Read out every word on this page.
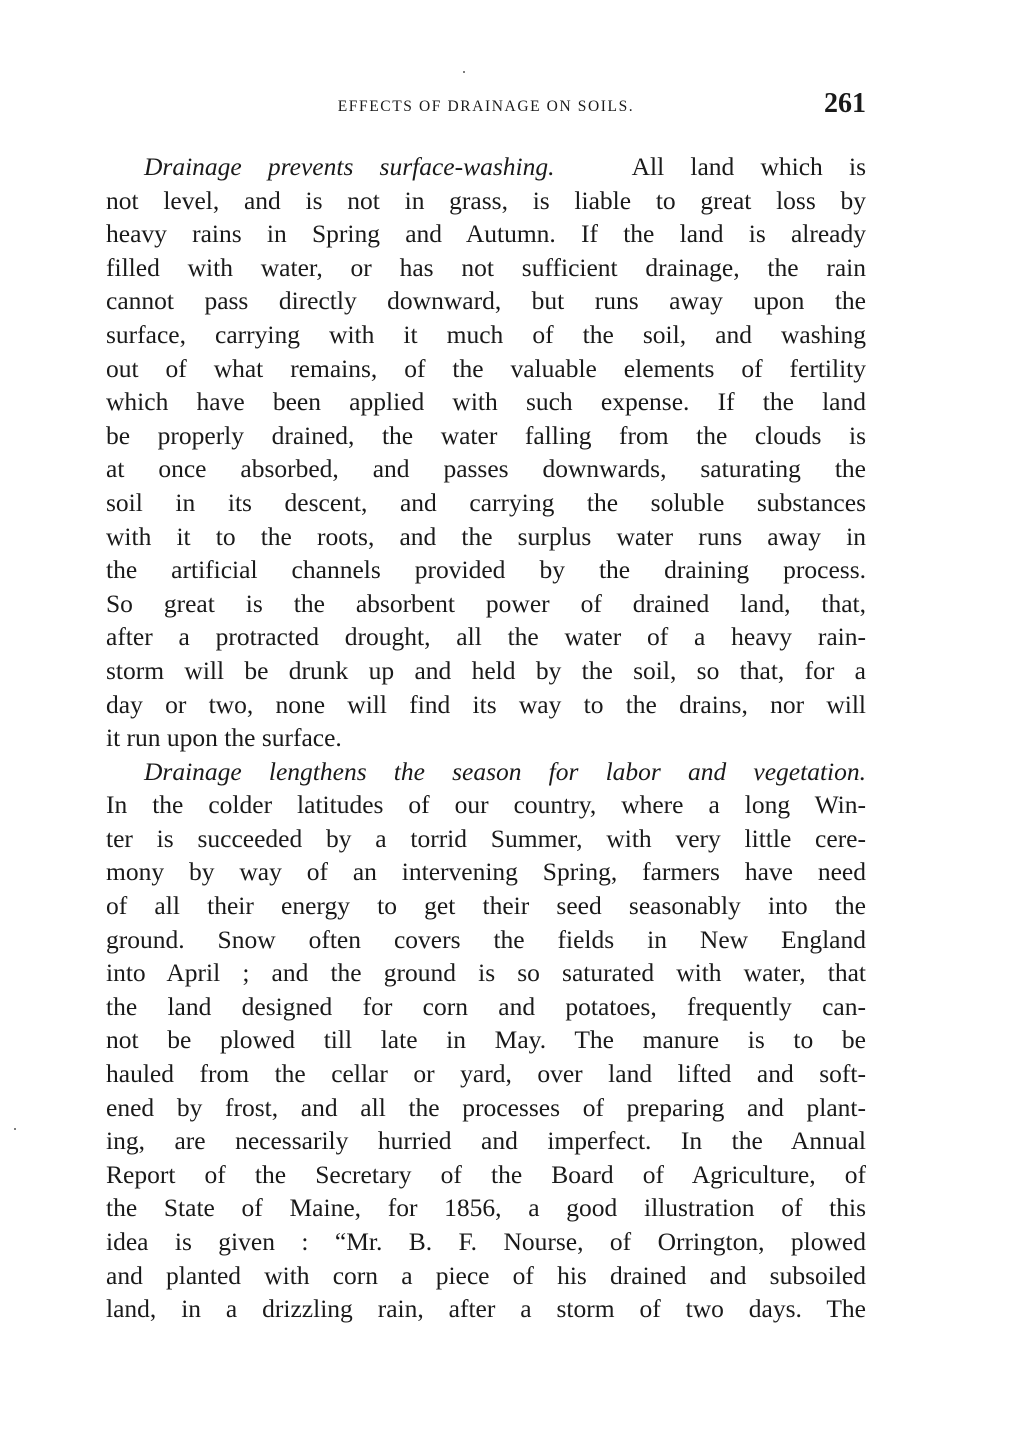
EFFECTS OF DRAINAGE ON SOILS.	261
Drainage prevents surface-washing.	All land which is
not level, and is not in grass, is liable to great loss by
heavy rains in Spring and Autumn. If the land is already
filled with water, or has not sufficient drainage, the rain
cannot pass directly downward, but runs away upon the
surface, carrying with it much of the soil, and washing
out of what remains, of the valuable elements of fertility
which have been applied with such expense. If the land
be properly drained, the water falling from the clouds is
at once absorbed, and passes downwards, saturating the
soil in its descent, and carrying the soluble substances
with it to the roots, and the surplus water runs away in
the artificial channels provided by the draining process.
So great is the absorbent power of drained land, that,
after a protracted drought, all the water of a heavy rain-
storm will be drunk up and held by the soil, so that, for a
day or two, none will find its way to the drains, nor will
it run upon the surface.
Drainage lengthens the season for labor and vegetation.
In the colder latitudes of our country, where a long Win-
ter is succeeded by a torrid Summer, with very little cere-
mony by way of an intervening Spring, farmers have need
of all their energy to get their seed seasonably into the
ground. Snow often covers the fields in New England
into April ; and the ground is so saturated with water, that
the land designed for corn and potatoes, frequently can-
not be plowed till late in May. The manure is to be
hauled from the cellar or yard, over land lifted and soft-
ened by frost, and all the processes of preparing and plant-
ing, are necessarily hurried and imperfect. In the Annual
Report of the Secretary of the Board of Agriculture, of
the State of Maine, for 1856, a good illustration of this
idea is given : “Mr. B. F. Nourse, of Orrington, plowed
and planted with corn a piece of his drained and subsoiled
land, in a drizzling rain, after a storm of two days. The
